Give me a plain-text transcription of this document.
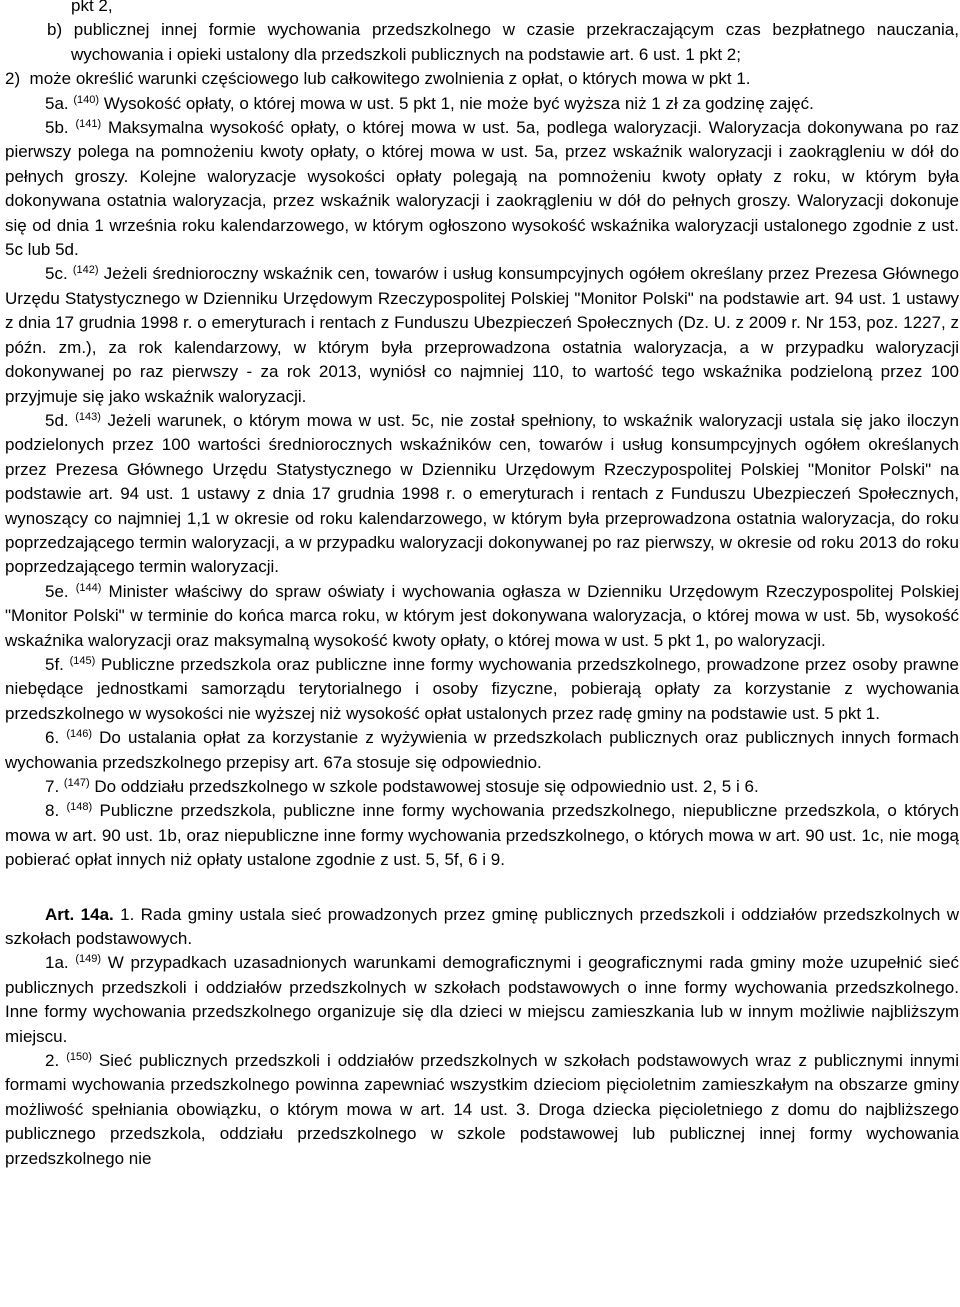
pkt 2,

b) publicznej innej formie wychowania przedszkolnego w czasie przekraczającym czas bezpłatnego nauczania, wychowania i opieki ustalony dla przedszkoli publicznych na podstawie art. 6 ust. 1 pkt 2;

2)  może określić warunki częściowego lub całkowitego zwolnienia z opłat, o których mowa w pkt 1.

5a. $^{(140)}$ Wysokość opłaty, o której mowa w ust. 5 pkt 1, nie może być wyższa niż 1 zł za godzinę zajęć.

5b. $^{(141)}$ Maksymalna wysokość opłaty, o której mowa w ust. 5a, podlega waloryzacji. Waloryzacja dokonywana po raz pierwszy polega na pomnożeniu kwoty opłaty, o której mowa w ust. 5a, przez wskaźnik waloryzacji i zaokrągleniu w dół do pełnych groszy. Kolejne waloryzacje wysokości opłaty polegają na pomnożeniu kwoty opłaty z roku, w którym była dokonywana ostatnia waloryzacja, przez wskaźnik waloryzacji i zaokrągleniu w dół do pełnych groszy. Waloryzacji dokonuje się od dnia 1 września roku kalendarzowego, w którym ogłoszono wysokość wskaźnika waloryzacji ustalonego zgodnie z ust. 5c lub 5d.

5c. $^{(142)}$ Jeżeli średnioroczny wskaźnik cen, towarów i usług konsumpcyjnych ogółem określany przez Prezesa Głównego Urzędu Statystycznego w Dzienniku Urzędowym Rzeczypospolitej Polskiej "Monitor Polski" na podstawie art. 94 ust. 1 ustawy z dnia 17 grudnia 1998 r. o emeryturach i rentach z Funduszu Ubezpieczeń Społecznych (Dz. U. z 2009 r. Nr 153, poz. 1227, z późn. zm.), za rok kalendarzowy, w którym była przeprowadzona ostatnia waloryzacja, a w przypadku waloryzacji dokonywanej po raz pierwszy - za rok 2013, wyniósł co najmniej 110, to wartość tego wskaźnika podzieloną przez 100 przyjmuje się jako wskaźnik waloryzacji.

5d. $^{(143)}$ Jeżeli warunek, o którym mowa w ust. 5c, nie został spełniony, to wskaźnik waloryzacji ustala się jako iloczyn podzielonych przez 100 wartości średniorocznych wskaźników cen, towarów i usług konsumpcyjnych ogółem określanych przez Prezesa Głównego Urzędu Statystycznego w Dzienniku Urzędowym Rzeczypospolitej Polskiej "Monitor Polski" na podstawie art. 94 ust. 1 ustawy z dnia 17 grudnia 1998 r. o emeryturach i rentach z Funduszu Ubezpieczeń Społecznych, wynoszący co najmniej 1,1 w okresie od roku kalendarzowego, w którym była przeprowadzona ostatnia waloryzacja, do roku poprzedzającego termin waloryzacji, a w przypadku waloryzacji dokonywanej po raz pierwszy, w okresie od roku 2013 do roku poprzedzającego termin waloryzacji.

5e. $^{(144)}$ Minister właściwy do spraw oświaty i wychowania ogłasza w Dzienniku Urzędowym Rzeczypospolitej Polskiej "Monitor Polski" w terminie do końca marca roku, w którym jest dokonywana waloryzacja, o której mowa w ust. 5b, wysokość wskaźnika waloryzacji oraz maksymalną wysokość kwoty opłaty, o której mowa w ust. 5 pkt 1, po waloryzacji.

5f. $^{(145)}$ Publiczne przedszkola oraz publiczne inne formy wychowania przedszkolnego, prowadzone przez osoby prawne niebędące jednostkami samorządu terytorialnego i osoby fizyczne, pobierają opłaty za korzystanie z wychowania przedszkolnego w wysokości nie wyższej niż wysokość opłat ustalonych przez radę gminy na podstawie ust. 5 pkt 1.

6. $^{(146)}$ Do ustalania opłat za korzystanie z wyżywienia w przedszkolach publicznych oraz publicznych innych formach wychowania przedszkolnego przepisy art. 67a stosuje się odpowiednio.

7. $^{(147)}$ Do oddziału przedszkolnego w szkole podstawowej stosuje się odpowiednio ust. 2, 5 i 6.

8. $^{(148)}$ Publiczne przedszkola, publiczne inne formy wychowania przedszkolnego, niepubliczne przedszkola, o których mowa w art. 90 ust. 1b, oraz niepubliczne inne formy wychowania przedszkolnego, o których mowa w art. 90 ust. 1c, nie mogą pobierać opłat innych niż opłaty ustalone zgodnie z ust. 5, 5f, 6 i 9.

Art. 14a. 1. Rada gminy ustala sieć prowadzonych przez gminę publicznych przedszkoli i oddziałów przedszkolnych w szkołach podstawowych.

1a. $^{(149)}$ W przypadkach uzasadnionych warunkami demograficznymi i geograficznymi rada gminy może uzupełnić sieć publicznych przedszkoli i oddziałów przedszkolnych w szkołach podstawowych o inne formy wychowania przedszkolnego. Inne formy wychowania przedszkolnego organizuje się dla dzieci w miejscu zamieszkania lub w innym możliwie najbliższym miejscu.

2. $^{(150)}$ Sieć publicznych przedszkoli i oddziałów przedszkolnych w szkołach podstawowych wraz z publicznymi innymi formami wychowania przedszkolnego powinna zapewniać wszystkim dzieciom pięcioletnim zamieszkałym na obszarze gminy możliwość spełniania obowiązku, o którym mowa w art. 14 ust. 3. Droga dziecka pięcioletniego z domu do najbliższego publicznego przedszkola, oddziału przedszkolnego w szkole podstawowej lub publicznej innej formy wychowania przedszkolnego nie
